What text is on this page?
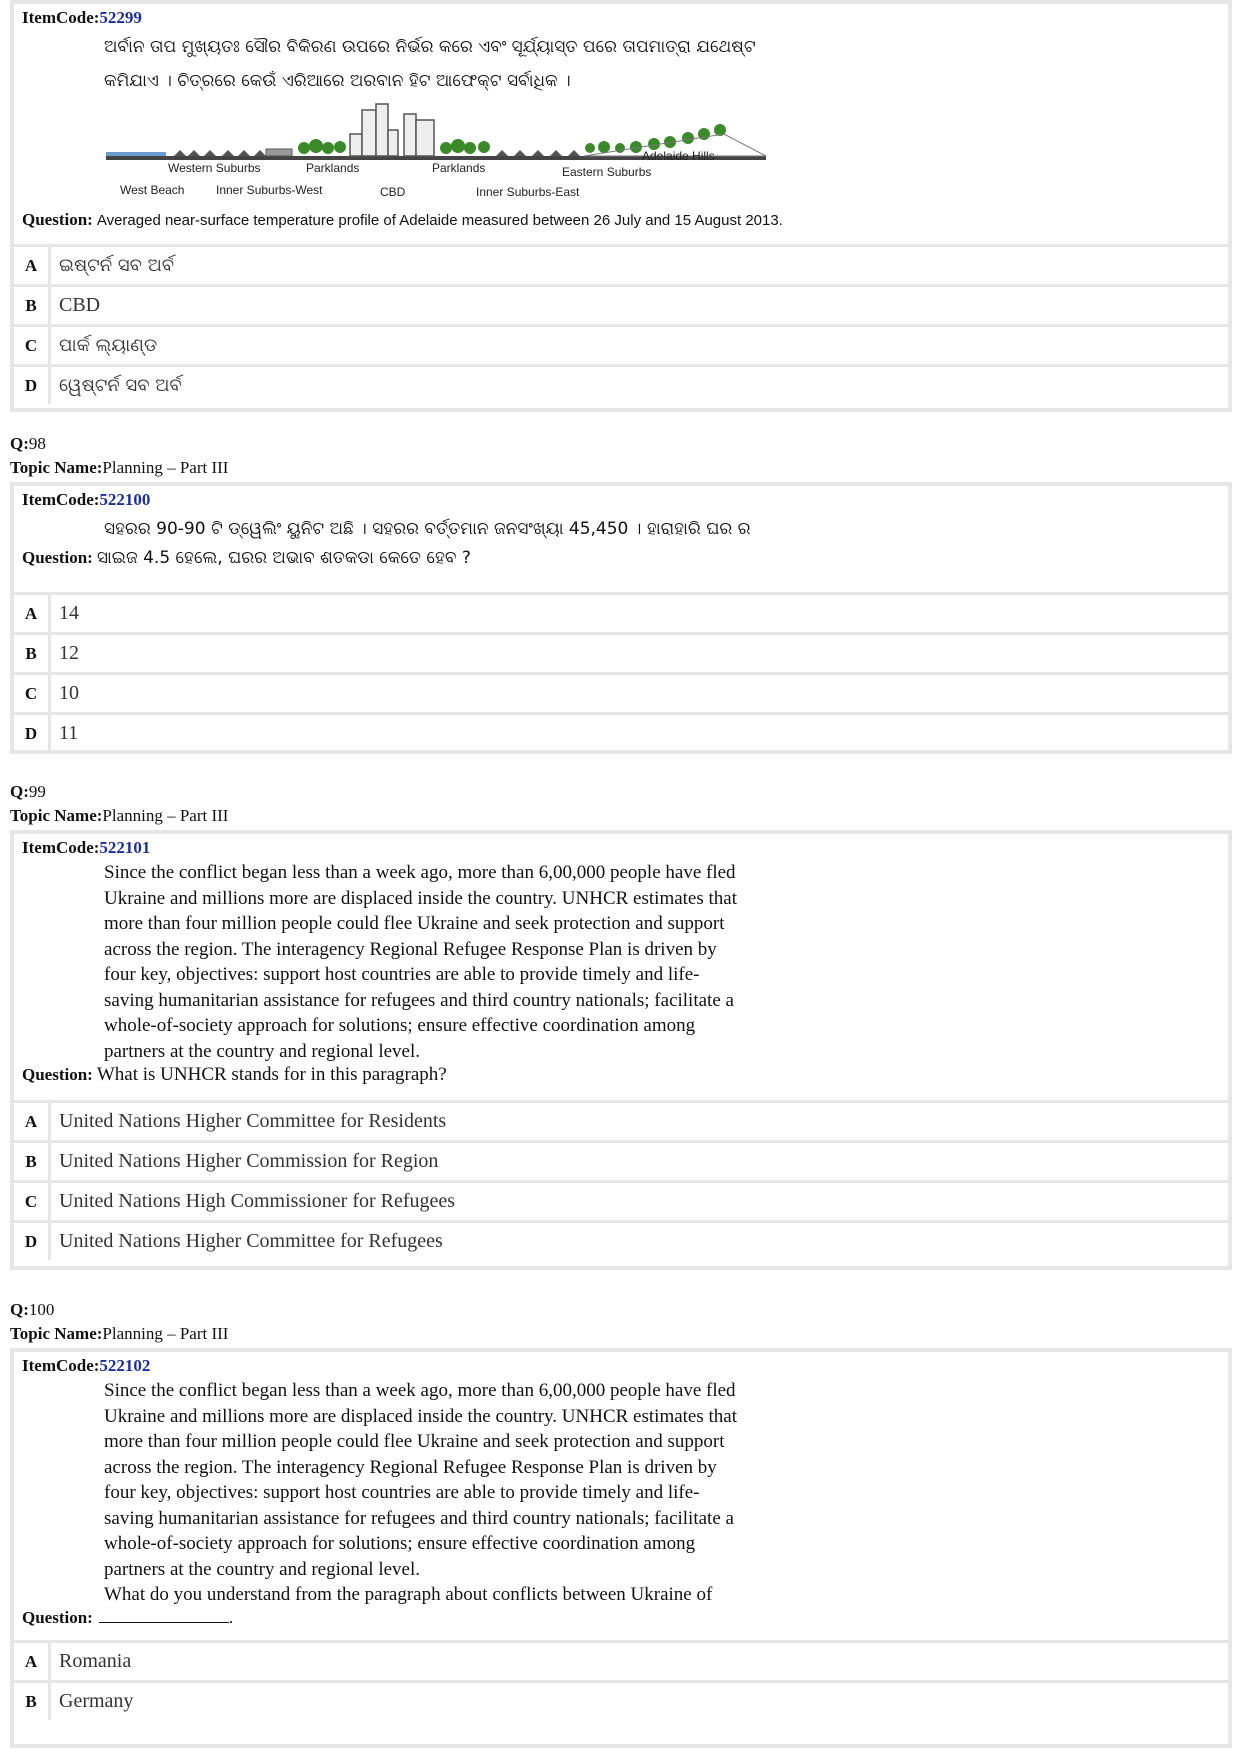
ItemCode:52299
ଅର୍ବାନ ତାପ ମୁଖ୍ୟତଃ ସୌର ବିକିରଣ ଉପରେ ନିର୍ଭର କରେ ଏବଂ ସୂର୍ଯ୍ୟାସ୍ତ ପରେ ତାପମାତ୍ରା ଯଥେଷ୍ଟ
କମିଯାଏ । ଚିତ୍ରରେ କେଉଁ ଏରିଆରେ ଅରବାନ ହିଟ ଆଫେକ୍ଟ ସର୍ବାଧିକ ।
Western Suburbs	Parklands	Parklands	Eastern Suburbs
Adelaide Hills
West Beach	Inner Suburbs-West	CBD	Inner Suburbs-East
Question: Averaged near-surface temperature profile of Adelaide measured between 26 July and 15 August 2013.
A	ଇଷ୍ଟର୍ନ ସବ ଅର୍ବ
B	CBD
C	ପାର୍କ ଲ୍ୟାଣ୍ଡ
D	ୱେଷ୍ଟର୍ନ ସବ ଅର୍ବ
Q:98
Topic Name:Planning – Part III
ItemCode:522100
ସହରର 90-90 ଟି ଡ୍ୱେଲିଂ ୟୁନିଟ ଅଛି । ସହରର ବର୍ତ୍ତମାନ ଜନସଂଖ୍ୟା 45,450 । ହାରାହାରି ଘର ର
Question: ସାଇଜ 4.5 ହେଲେ, ଘରର ଅଭାବ ଶତକଡା କେତେ ହେବ ?
A	14
B	12
C	10
D	11
Q:99
Topic Name:Planning – Part III
ItemCode:522101
Since the conflict began less than a week ago, more than 6,00,000 people have fled
Ukraine and millions more are displaced inside the country. UNHCR estimates that
more than four million people could flee Ukraine and seek protection and support
across the region. The interagency Regional Refugee Response Plan is driven by
four key, objectives: support host countries are able to provide timely and life-
saving humanitarian assistance for refugees and third country nationals; facilitate a
whole-of-society approach for solutions; ensure effective coordination among
partners at the country and regional level.
Question: What is UNHCR stands for in this paragraph?
A	United Nations Higher Committee for Residents
B	United Nations Higher Commission for Region
C	United Nations High Commissioner for Refugees
D	United Nations Higher Committee for Refugees
Q:100
Topic Name:Planning – Part III
ItemCode:522102
Since the conflict began less than a week ago, more than 6,00,000 people have fled
Ukraine and millions more are displaced inside the country. UNHCR estimates that
more than four million people could flee Ukraine and seek protection and support
across the region. The interagency Regional Refugee Response Plan is driven by
four key, objectives: support host countries are able to provide timely and life-
saving humanitarian assistance for refugees and third country nationals; facilitate a
whole-of-society approach for solutions; ensure effective coordination among
partners at the country and regional level.
What do you understand from the paragraph about conflicts between Ukraine of
Question:	.
A	Romania
B	Germany
